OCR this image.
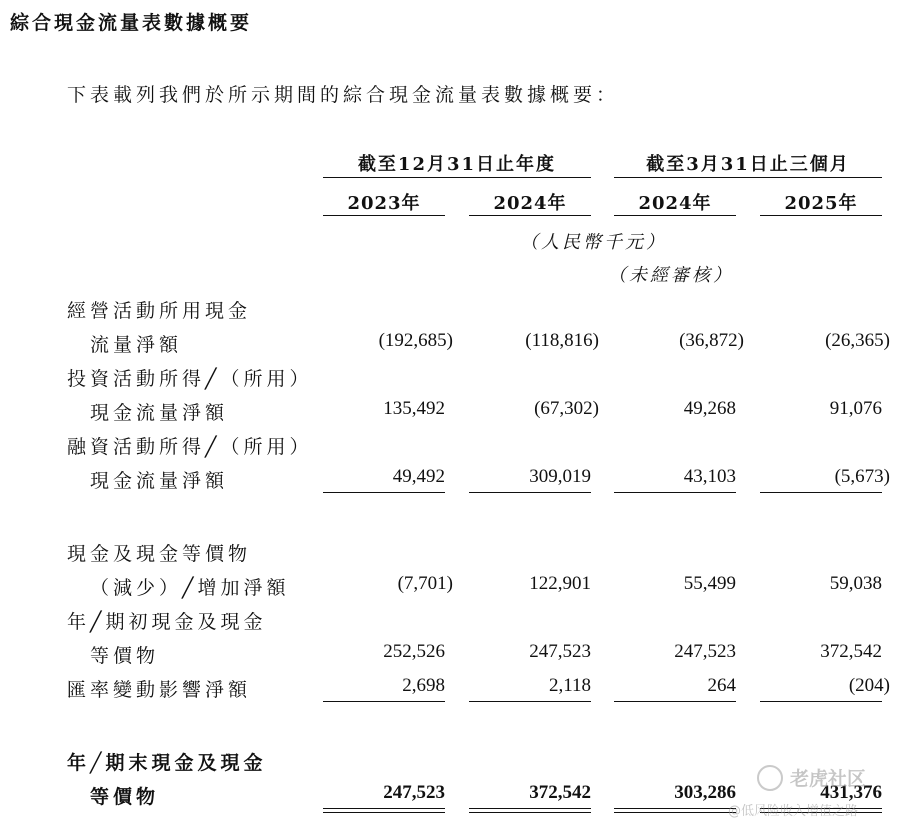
綜合現金流量表數據概要
下表載列我們於所示期間的綜合現金流量表數據概要：
截至12月31日止年度	截至3月31日止三個月
2023年	2024年	2024年	2025年
（人民幣千元）
（未經審核）
經營活動所用現金
流量淨額	(192,685)	(118,816)	(36,872)	(26,365)
投資活動所得╱（所用）
現金流量淨額	135,492	(67,302)	49,268	91,076
融資活動所得╱（所用）
現金流量淨額	49,492	309,019	43,103	(5,673)
現金及現金等價物
（減少）╱增加淨額	(7,701)	122,901	55,499	59,038
年╱期初現金及現金
等價物	252,526	247,523	247,523	372,542
匯率變動影響淨額	2,698	2,118	264	(204)
年╱期末現金及現金
等價物	247,523	372,542	303,286	431,376
老虎社区
@低风险收入增值之路
